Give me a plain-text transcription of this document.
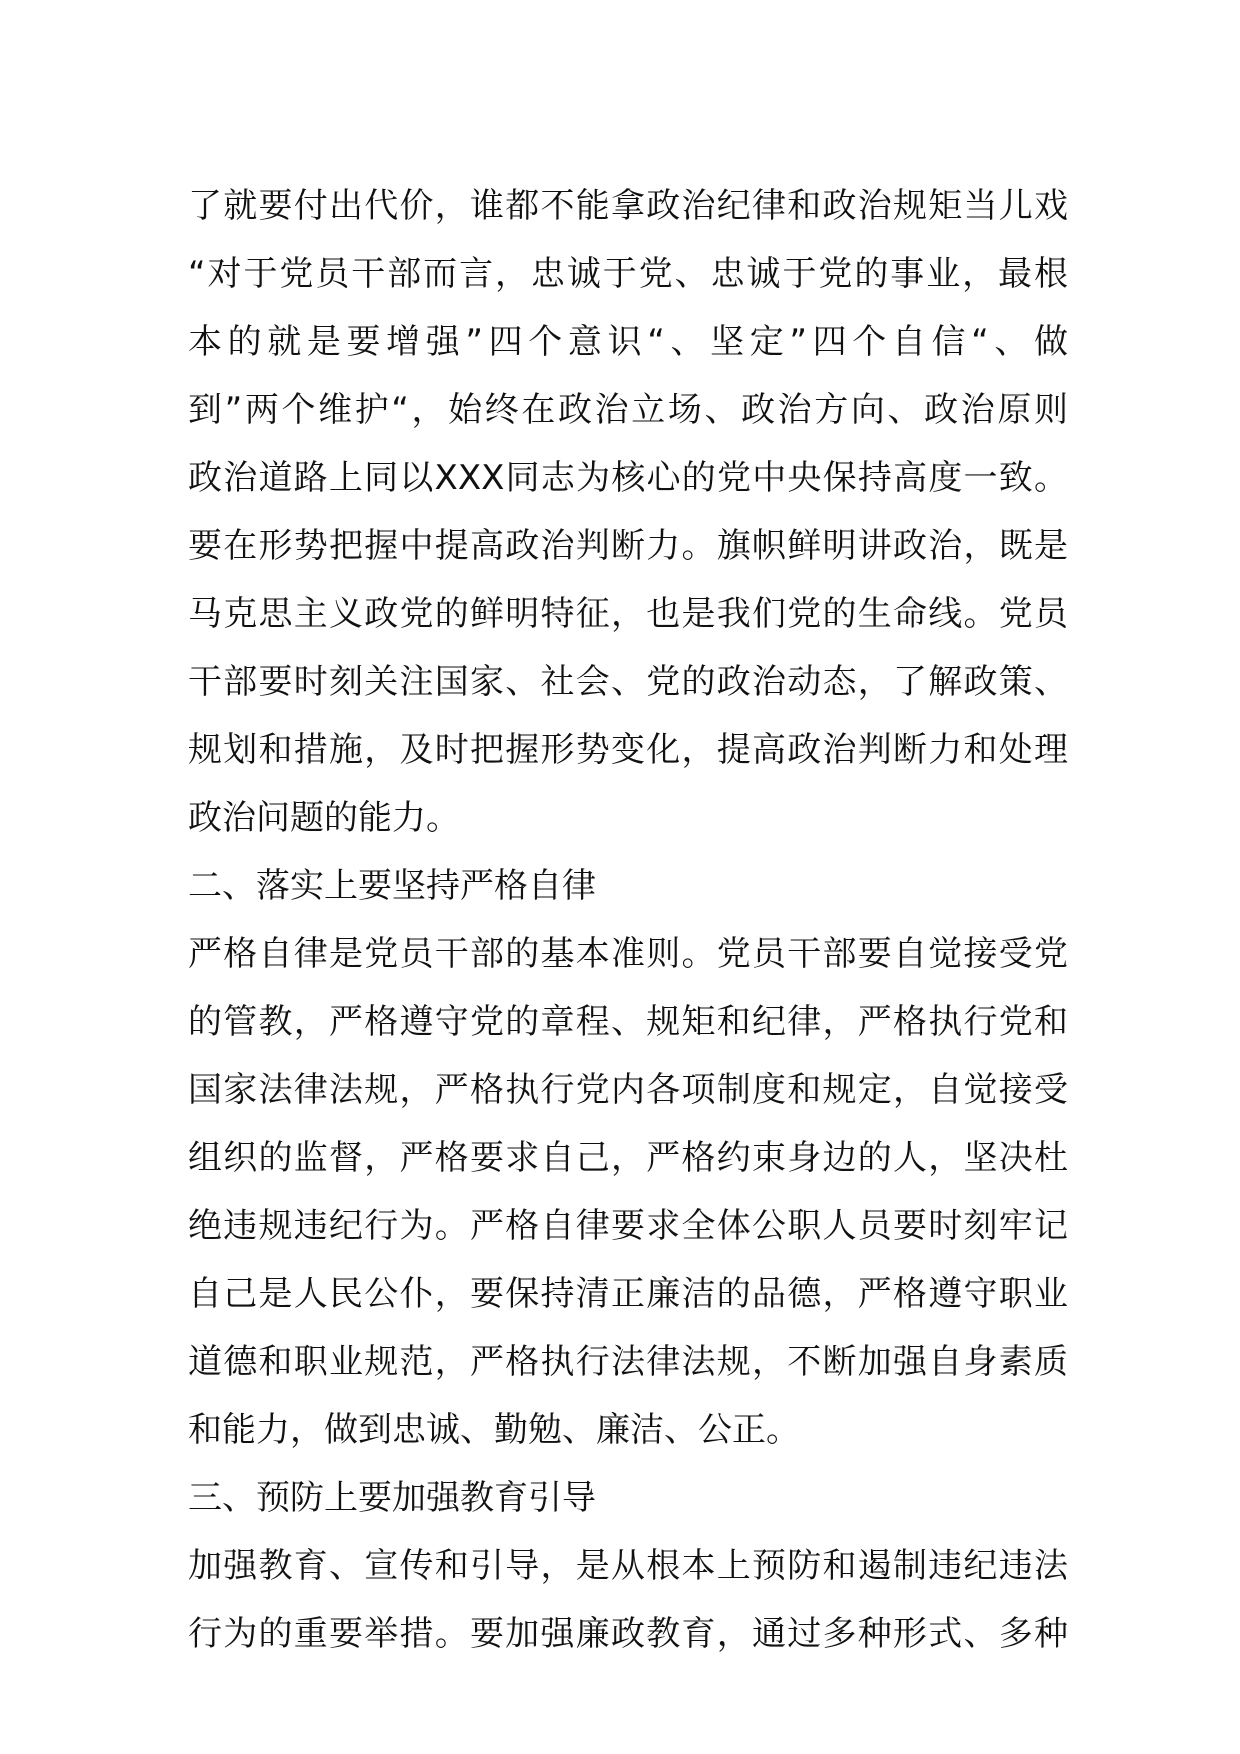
了就要付出代价，谁都不能拿政治纪律和政治规矩当儿戏
“对于党员干部而言，忠诚于党、忠诚于党的事业，最根
本的就是要增强”四个意识“、坚定”四个自信“、做
到”两个维护“，始终在政治立场、政治方向、政治原则
政治道路上同以XXX同志为核心的党中央保持高度一致。
要在形势把握中提高政治判断力。旗帜鲜明讲政治，既是
马克思主义政党的鲜明特征，也是我们党的生命线。党员
干部要时刻关注国家、社会、党的政治动态，了解政策、
规划和措施，及时把握形势变化，提高政治判断力和处理
政治问题的能力。
二、落实上要坚持严格自律
严格自律是党员干部的基本准则。党员干部要自觉接受党
的管教，严格遵守党的章程、规矩和纪律，严格执行党和
国家法律法规，严格执行党内各项制度和规定，自觉接受
组织的监督，严格要求自己，严格约束身边的人，坚决杜
绝违规违纪行为。严格自律要求全体公职人员要时刻牢记
自己是人民公仆，要保持清正廉洁的品德，严格遵守职业
道德和职业规范，严格执行法律法规，不断加强自身素质
和能力，做到忠诚、勤勉、廉洁、公正。
三、预防上要加强教育引导
加强教育、宣传和引导，是从根本上预防和遏制违纪违法
行为的重要举措。要加强廉政教育，通过多种形式、多种
